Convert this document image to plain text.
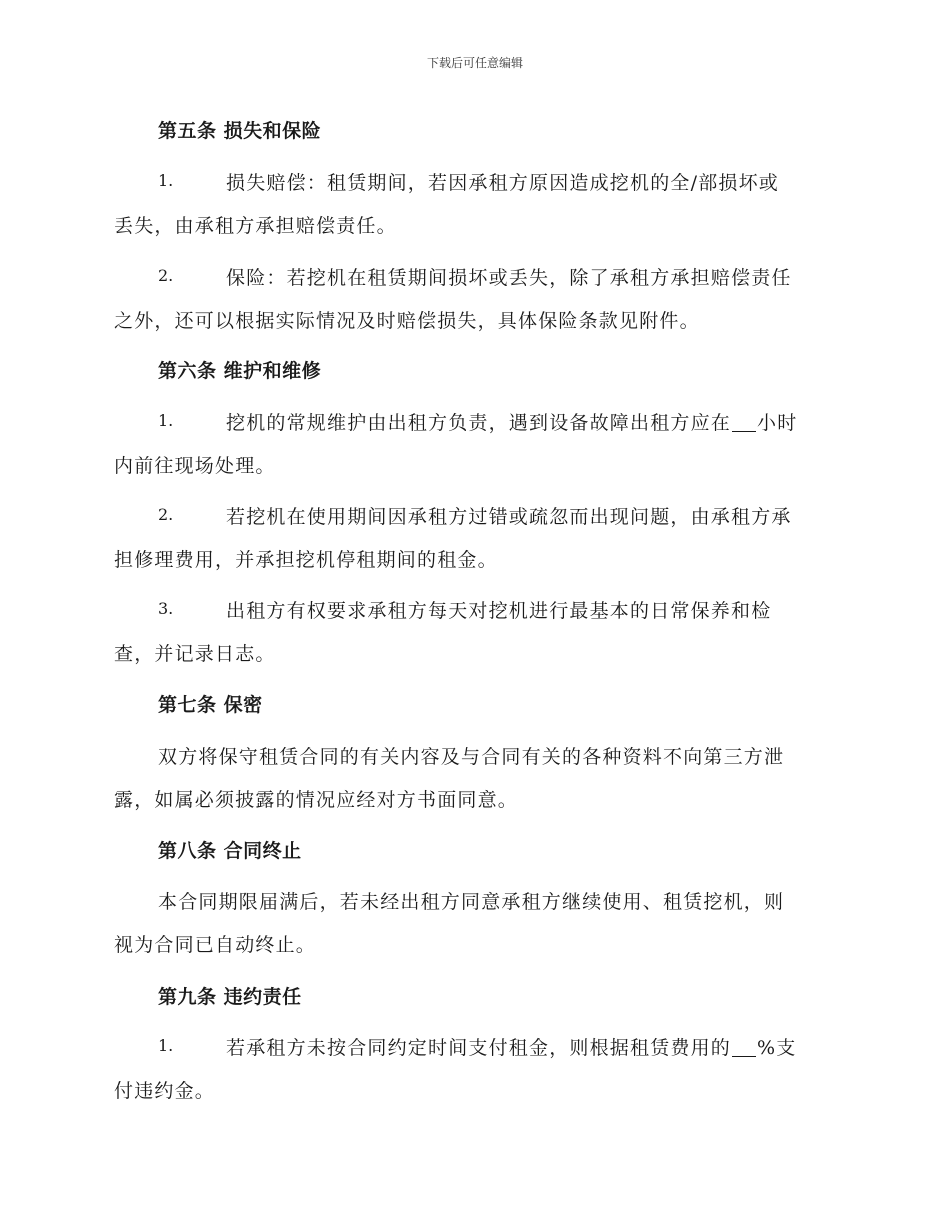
下载后可任意编辑
第五条 损失和保险
1.	损失赔偿：租赁期间，若因承租方原因造成挖机的全/部损坏或
丢失，由承租方承担赔偿责任。
2.	保险：若挖机在租赁期间损坏或丢失，除了承租方承担赔偿责任
之外，还可以根据实际情况及时赔偿损失，具体保险条款见附件。
第六条 维护和维修
1.	挖机的常规维护由出租方负责，遇到设备故障出租方应在 小时
内前往现场处理。
2.	若挖机在使用期间因承租方过错或疏忽而出现问题，由承租方承
担修理费用，并承担挖机停租期间的租金。
3.	出租方有权要求承租方每天对挖机进行最基本的日常保养和检
查，并记录日志。
第七条 保密
双方将保守租赁合同的有关内容及与合同有关的各种资料不向第三方泄
露，如属必须披露的情况应经对方书面同意。
第八条 合同终止
本合同期限届满后，若未经出租方同意承租方继续使用、租赁挖机，则
视为合同已自动终止。
第九条 违约责任
1.	若承租方未按合同约定时间支付租金，则根据租赁费用的 %支
付违约金。
